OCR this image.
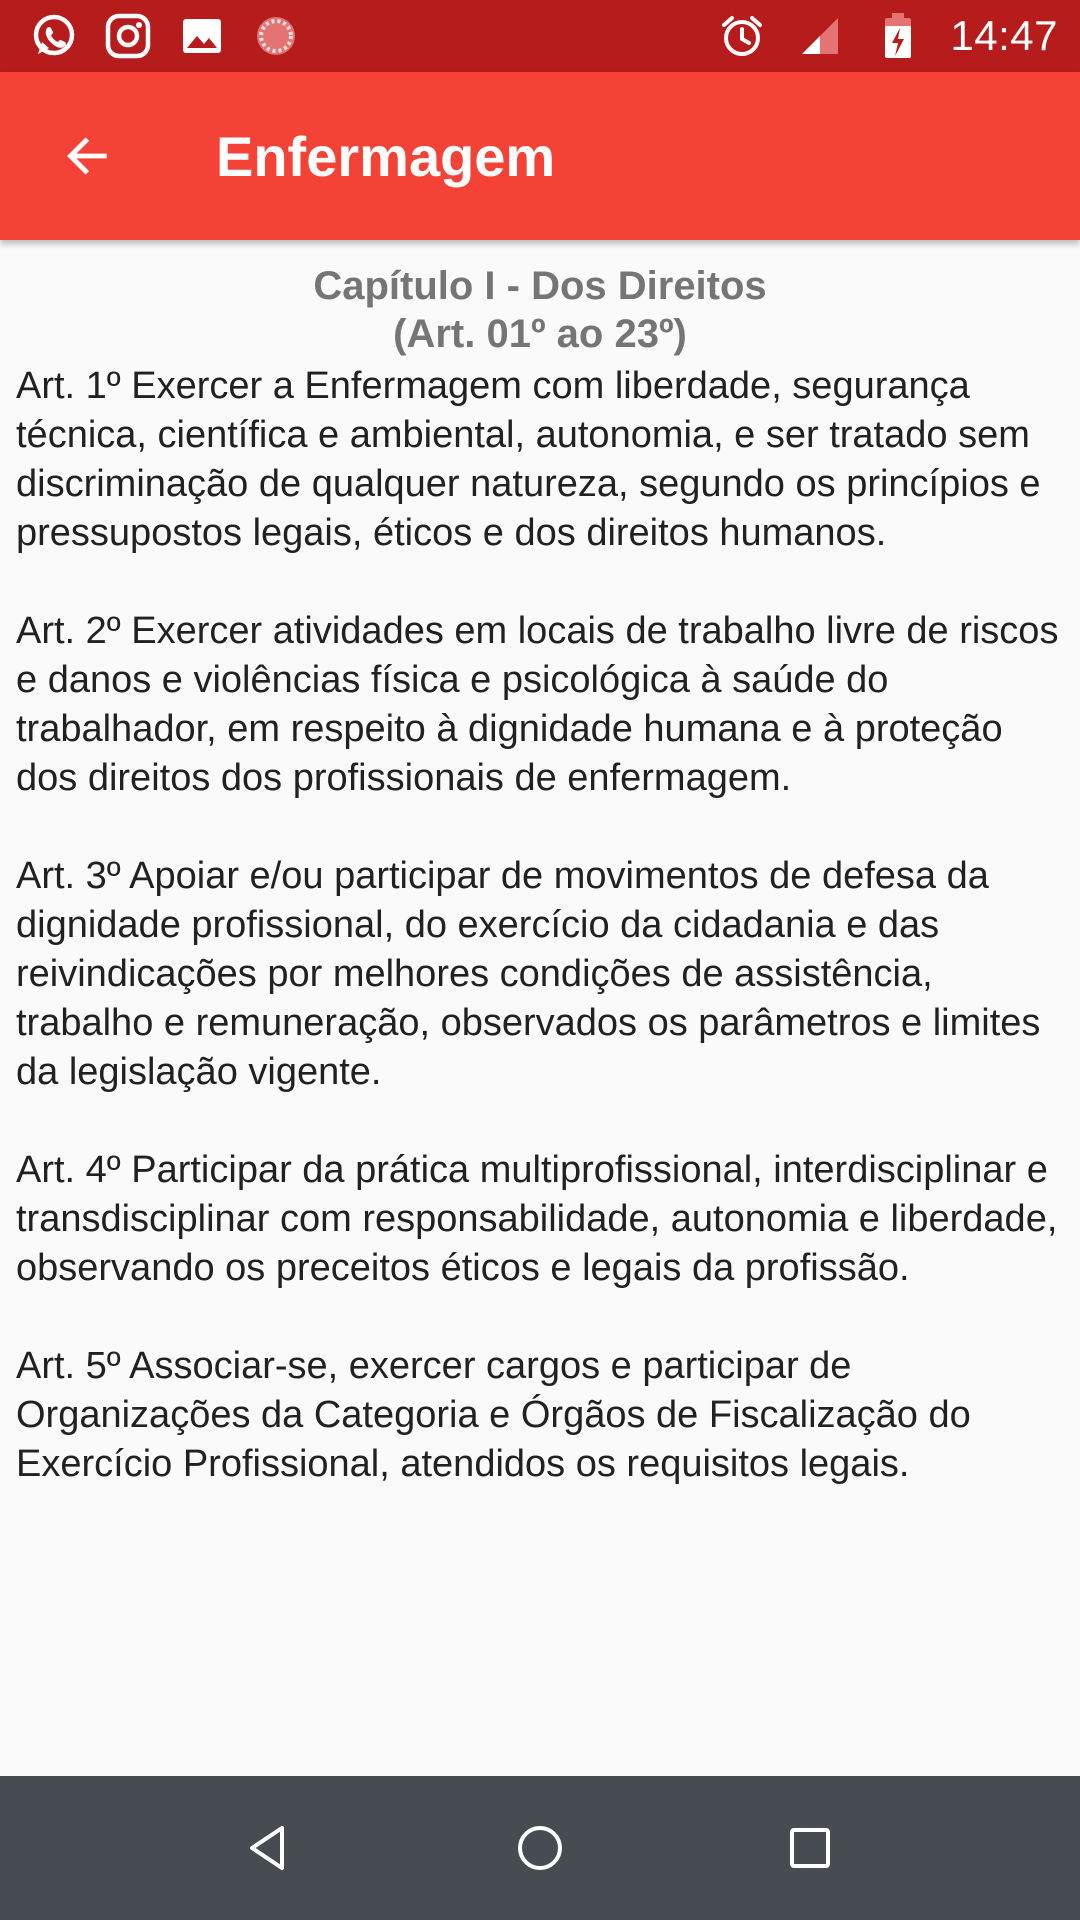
14:47
Enfermagem
Capítulo I - Dos Direitos
(Art. 01º ao 23º)

Art. 1º Exercer a Enfermagem com liberdade, segurança técnica, científica e ambiental, autonomia, e ser tratado sem discriminação de qualquer natureza, segundo os princípios e pressupostos legais, éticos e dos direitos humanos.

Art. 2º Exercer atividades em locais de trabalho livre de riscos e danos e violências física e psicológica à saúde do trabalhador, em respeito à dignidade humana e à proteção dos direitos dos profissionais de enfermagem.

Art. 3º Apoiar e/ou participar de movimentos de defesa da dignidade profissional, do exercício da cidadania e das reivindicações por melhores condições de assistência, trabalho e remuneração, observados os parâmetros e limites da legislação vigente.

Art. 4º Participar da prática multiprofissional, interdisciplinar e transdisciplinar com responsabilidade, autonomia e liberdade, observando os preceitos éticos e legais da profissão.

Art. 5º Associar-se, exercer cargos e participar de Organizações da Categoria e Órgãos de Fiscalização do Exercício Profissional, atendidos os requisitos legais.
